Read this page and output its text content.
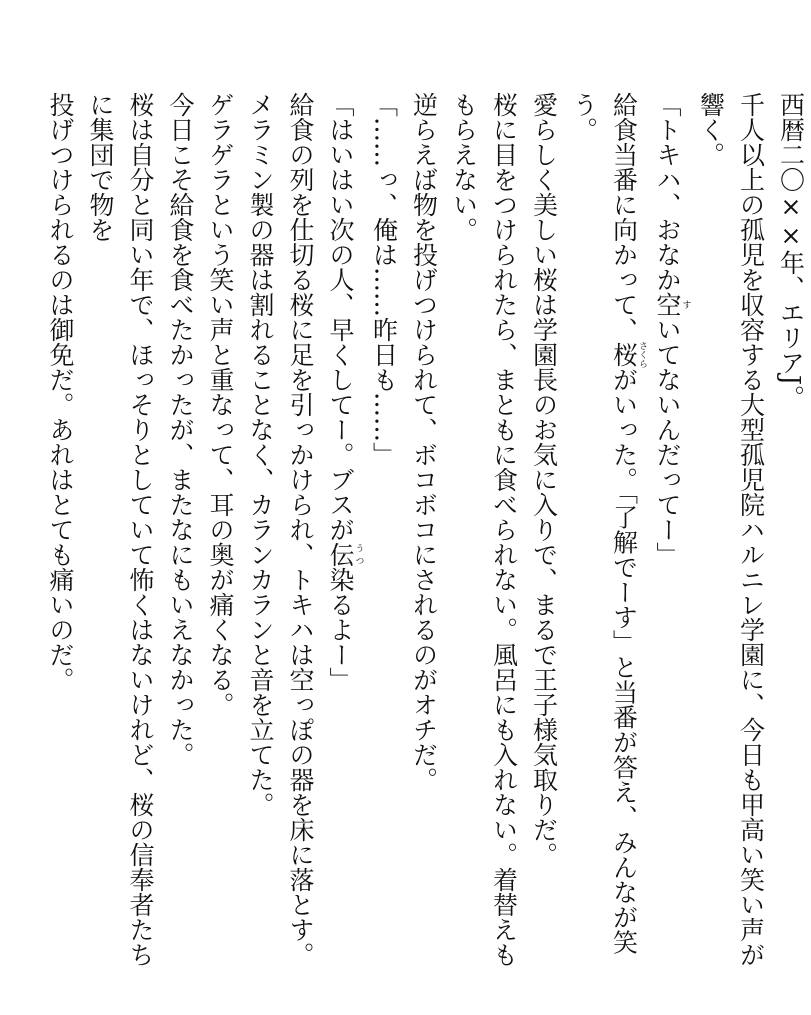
西暦二〇××年、エリアJ。

千人以上の孤児を収容する大型孤児院ハルニレ学園に、今日も甲高い笑い声が響く。

「トキハ、おなか空すいてないんだってー」

給食当番に向かって、桜さくらがいった。「了解でーす」と当番が答え、みんなが笑う。

愛らしく美しい桜は学園長のお気に入りで、まるで王子様気取りだ。

桜に目をつけられたら、まともに食べられない。風呂にも入れない。着替えももらえない。

逆らえば物を投げつけられて、ボコボコにされるのがオチだ。

「……っ、俺は……昨日も……」

「はいはい次の人、早くしてー。ブスが伝うつ染るよー」

給食の列を仕切る桜に足を引っかけられ、トキハは空っぽの器を床に落とす。

メラミン製の器は割れることなく、カランカランと音を立てた。

ゲラゲラという笑い声と重なって、耳の奥が痛くなる。

今日こそ給食を食べたかったが、またなにもいえなかった。

桜は自分と同い年で、ほっそりとしていて怖くはないけれど、桜の信奉者たちに集団で物を

投げつけられるのは御免だ。あれはとても痛いのだ。
